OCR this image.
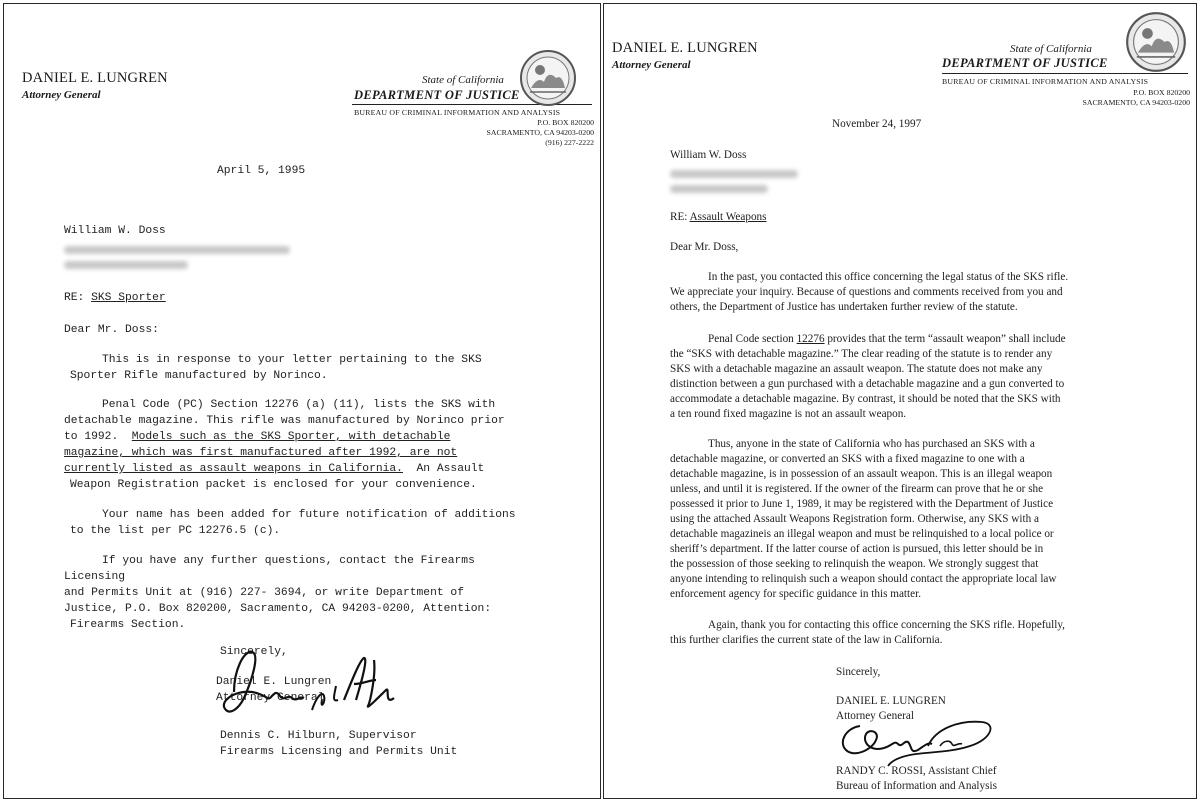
DANIEL E. LUNGREN
Attorney General
State of California
DEPARTMENT OF JUSTICE
BUREAU OF CRIMINAL INFORMATION AND ANALYSIS
P.O. BOX 820200
SACRAMENTO, CA 94203-0200
(916) 227-2222
April 5, 1995
William W. Doss
RE: SKS Sporter
Dear Mr. Doss:
This is in response to your letter pertaining to the SKS
Sporter Rifle manufactured by Norinco.
Penal Code (PC) Section 12276 (a) (11), lists the SKS with
detachable magazine. This rifle was manufactured by Norinco prior
to 1992. Models such as the SKS Sporter, with detachable
magazine, which was first manufactured after 1992, are not
currently listed as assault weapons in California. An Assault
Weapon Registration packet is enclosed for your convenience.
Your name has been added for future notification of additions
to the list per PC 12276.5 (c).
If you have any further questions, contact the Firearms
Licensing
and Permits Unit at (916) 227- 3694, or write Department of
Justice, P.O. Box 820200, Sacramento, CA 94203-0200, Attention:
Firearms Section.
Sincerely,
Daniel E. Lungren
Attorney General
Dennis C. Hilburn, Supervisor
Firearms Licensing and Permits Unit
DANIEL E. LUNGREN
Attorney General
State of California
DEPARTMENT OF JUSTICE
BUREAU OF CRIMINAL INFORMATION AND ANALYSIS
P.O. BOX 820200
SACRAMENTO, CA 94203-0200
November 24, 1997
William W. Doss
RE: Assault Weapons
Dear Mr. Doss,
In the past, you contacted this office concerning the legal status of the SKS rifle.
We appreciate your inquiry. Because of questions and comments received from you and
others, the Department of Justice has undertaken further review of the statute.
Penal Code section 12276 provides that the term “assault weapon” shall include
the “SKS with detachable magazine.” The clear reading of the statute is to render any
SKS with a detachable magazine an assault weapon. The statute does not make any
distinction between a gun purchased with a detachable magazine and a gun converted to
accommodate a detachable magazine. By contrast, it should be noted that the SKS with
a ten round fixed magazine is not an assault weapon.
Thus, anyone in the state of California who has purchased an SKS with a
detachable magazine, or converted an SKS with a fixed magazine to one with a
detachable magazine, is in possession of an assault weapon. This is an illegal weapon
unless, and until it is registered. If the owner of the firearm can prove that he or she
possessed it prior to June 1, 1989, it may be registered with the Department of Justice
using the attached Assault Weapons Registration form. Otherwise, any SKS with a
detachable magazineis an illegal weapon and must be relinquished to a local police or
sheriff’s department. If the latter course of action is pursued, this letter should be in
the possession of those seeking to relinquish the weapon. We strongly suggest that
anyone intending to relinquish such a weapon should contact the appropriate local law
enforcement agency for specific guidance in this matter.
Again, thank you for contacting this office concerning the SKS rifle. Hopefully,
this further clarifies the current state of the law in California.
Sincerely,
DANIEL E. LUNGREN
Attorney General
RANDY C. ROSSI, Assistant Chief
Bureau of Information and Analysis
